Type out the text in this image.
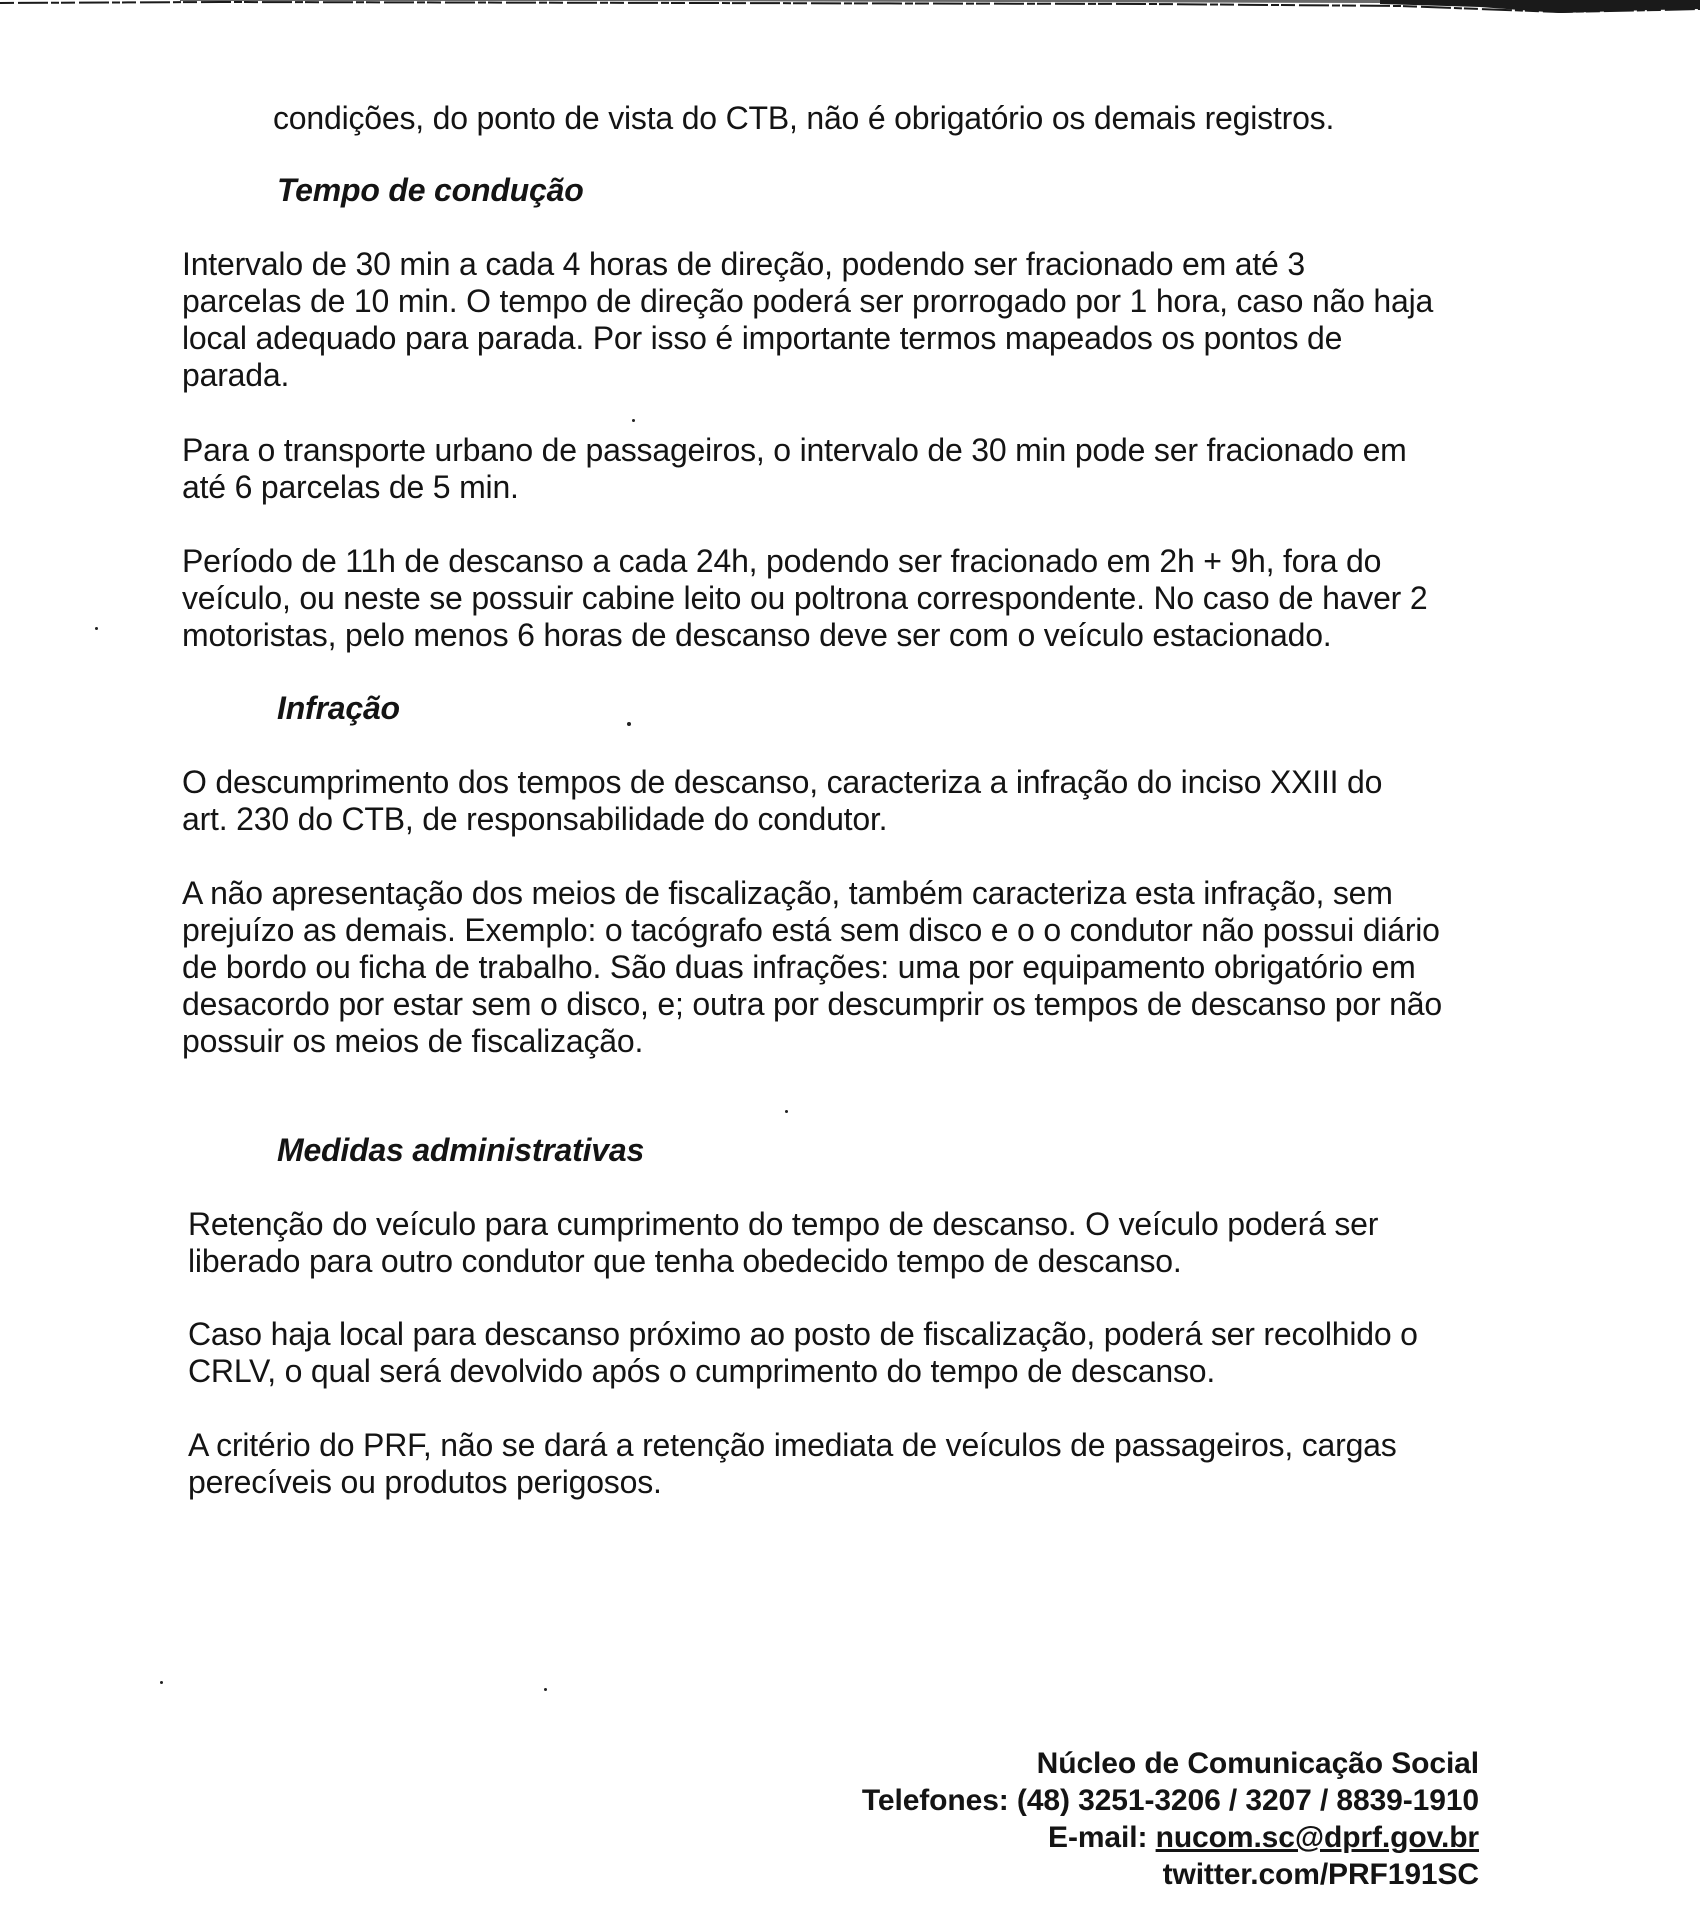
condições, do ponto de vista do CTB, não é obrigatório os demais registros.

Tempo de condução

Intervalo de 30 min a cada 4 horas de direção, podendo ser fracionado em até 3
parcelas de 10 min. O tempo de direção poderá ser prorrogado por 1 hora, caso não haja
local adequado para parada. Por isso é importante termos mapeados os pontos de
parada.

Para o transporte urbano de passageiros, o intervalo de 30 min pode ser fracionado em
até 6 parcelas de 5 min.

Período de 11h de descanso a cada 24h, podendo ser fracionado em 2h + 9h, fora do
veículo, ou neste se possuir cabine leito ou poltrona correspondente. No caso de haver 2
motoristas, pelo menos 6 horas de descanso deve ser com o veículo estacionado.

Infração

O descumprimento dos tempos de descanso, caracteriza a infração do inciso XXIII do
art. 230 do CTB, de responsabilidade do condutor.

A não apresentação dos meios de fiscalização, também caracteriza esta infração, sem
prejuízo as demais. Exemplo: o tacógrafo está sem disco e o o condutor não possui diário
de bordo ou ficha de trabalho. São duas infrações: uma por equipamento obrigatório em
desacordo por estar sem o disco, e; outra por descumprir os tempos de descanso por não
possuir os meios de fiscalização.

Medidas administrativas

Retenção do veículo para cumprimento do tempo de descanso. O veículo poderá ser
liberado para outro condutor que tenha obedecido tempo de descanso.

Caso haja local para descanso próximo ao posto de fiscalização, poderá ser recolhido o
CRLV, o qual será devolvido após o cumprimento do tempo de descanso.

A critério do PRF, não se dará a retenção imediata de veículos de passageiros, cargas
perecíveis ou produtos perigosos.

Núcleo de Comunicação Social
Telefones: (48) 3251-3206 / 3207 / 8839-1910
E-mail: nucom.sc@dprf.gov.br
twitter.com/PRF191SC
